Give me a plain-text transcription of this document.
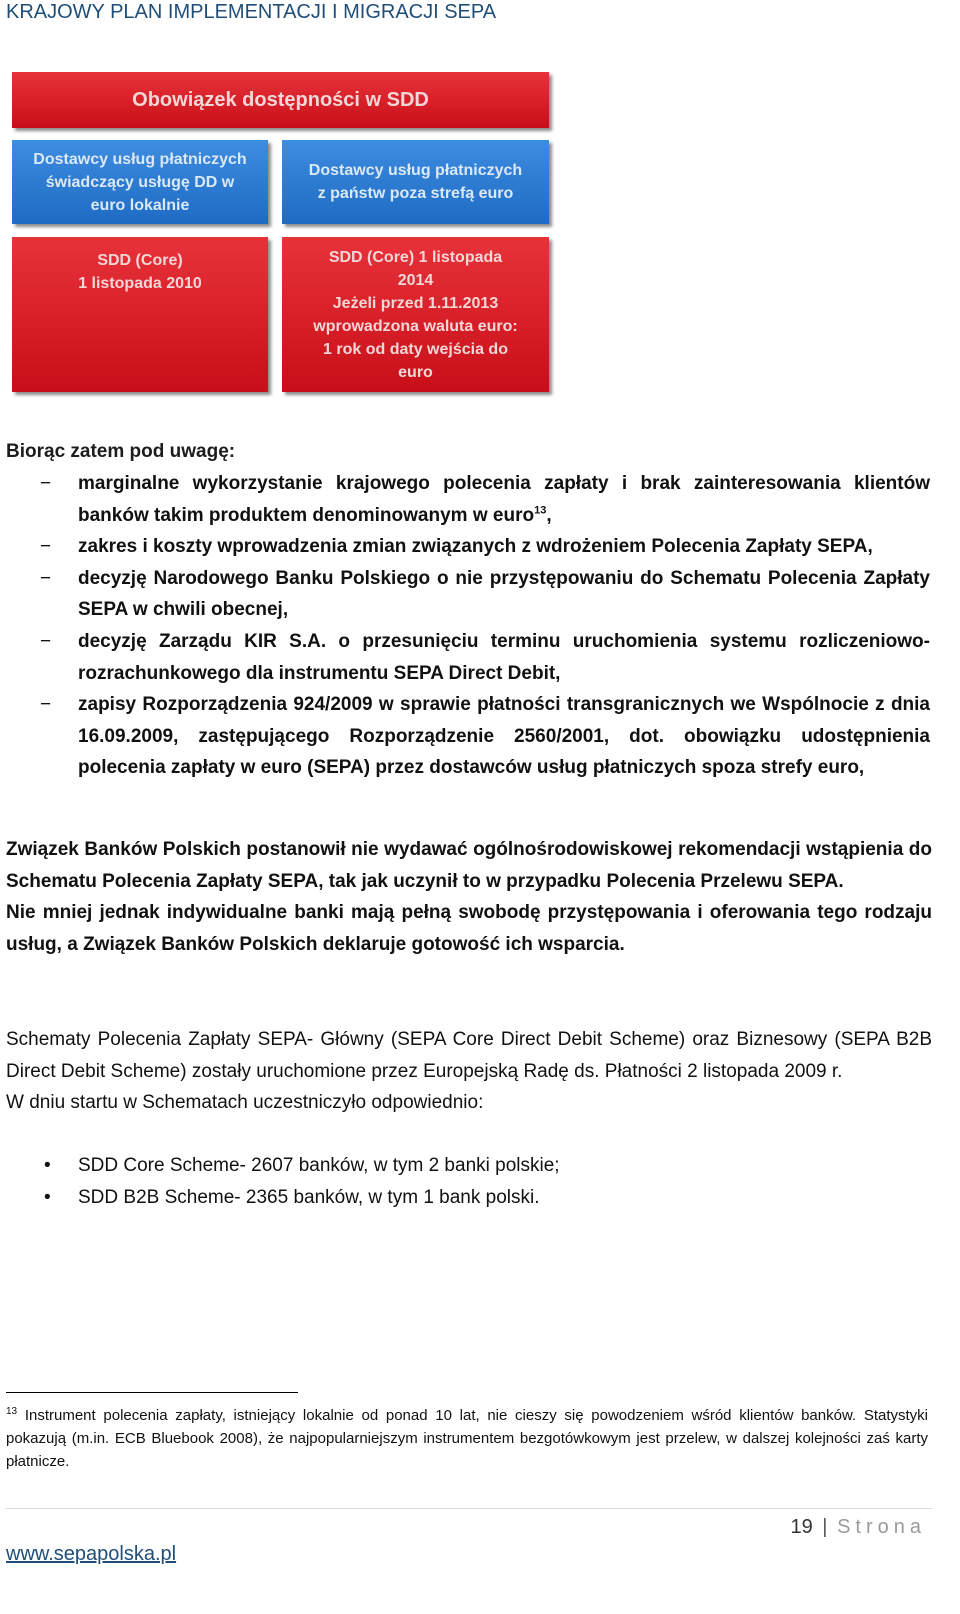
KRAJOWY PLAN IMPLEMENTACJI I MIGRACJI SEPA
Obowiązek dostępności w SDD
Dostawcy usług płatniczych
świadczący usługę DD w
euro lokalnie
Dostawcy usług płatniczych
z państw poza strefą euro
SDD (Core)
1 listopada 2010
SDD (Core) 1 listopada
2014
Jeżeli przed 1.11.2013
wprowadzona waluta euro:
1 rok od daty wejścia do
euro
Biorąc zatem pod uwagę:
− marginalne wykorzystanie krajowego polecenia zapłaty i brak zainteresowania klientów banków takim produktem denominowanym w euro$^{13}$,
− zakres i koszty wprowadzenia zmian związanych z wdrożeniem Polecenia Zapłaty SEPA,
− decyzję Narodowego Banku Polskiego o nie przystępowaniu do Schematu Polecenia Zapłaty SEPA w chwili obecnej,
− decyzję Zarządu KIR S.A. o przesunięciu terminu uruchomienia systemu rozliczeniowo-rozrachunkowego dla instrumentu SEPA Direct Debit,
− zapisy Rozporządzenia 924/2009 w sprawie płatności transgranicznych we Wspólnocie z dnia 16.09.2009, zastępującego Rozporządzenie 2560/2001, dot. obowiązku udostępnienia polecenia zapłaty w euro (SEPA) przez dostawców usług płatniczych spoza strefy euro,
Związek Banków Polskich postanowił nie wydawać ogólnośrodowiskowej rekomendacji wstąpienia do Schematu Polecenia Zapłaty SEPA, tak jak uczynił to w przypadku Polecenia Przelewu SEPA.
Nie mniej jednak indywidualne banki mają pełną swobodę przystępowania i oferowania tego rodzaju usług, a Związek Banków Polskich deklaruje gotowość ich wsparcia.
Schematy Polecenia Zapłaty SEPA- Główny (SEPA Core Direct Debit Scheme) oraz Biznesowy (SEPA B2B Direct Debit Scheme) zostały uruchomione przez Europejską Radę ds. Płatności 2 listopada 2009 r.
W dniu startu w Schematach uczestniczyło odpowiednio:
• SDD Core Scheme- 2607 banków, w tym 2 banki polskie;
• SDD B2B Scheme- 2365 banków, w tym 1 bank polski.
$^{13}$ Instrument polecenia zapłaty, istniejący lokalnie od ponad 10 lat, nie cieszy się powodzeniem wśród klientów banków. Statystyki pokazują (m.in. ECB Bluebook 2008), że najpopularniejszym instrumentem bezgotówkowym jest przelew, w dalszej kolejności zaś karty płatnicze.
19 | Strona
www.sepapolska.pl
